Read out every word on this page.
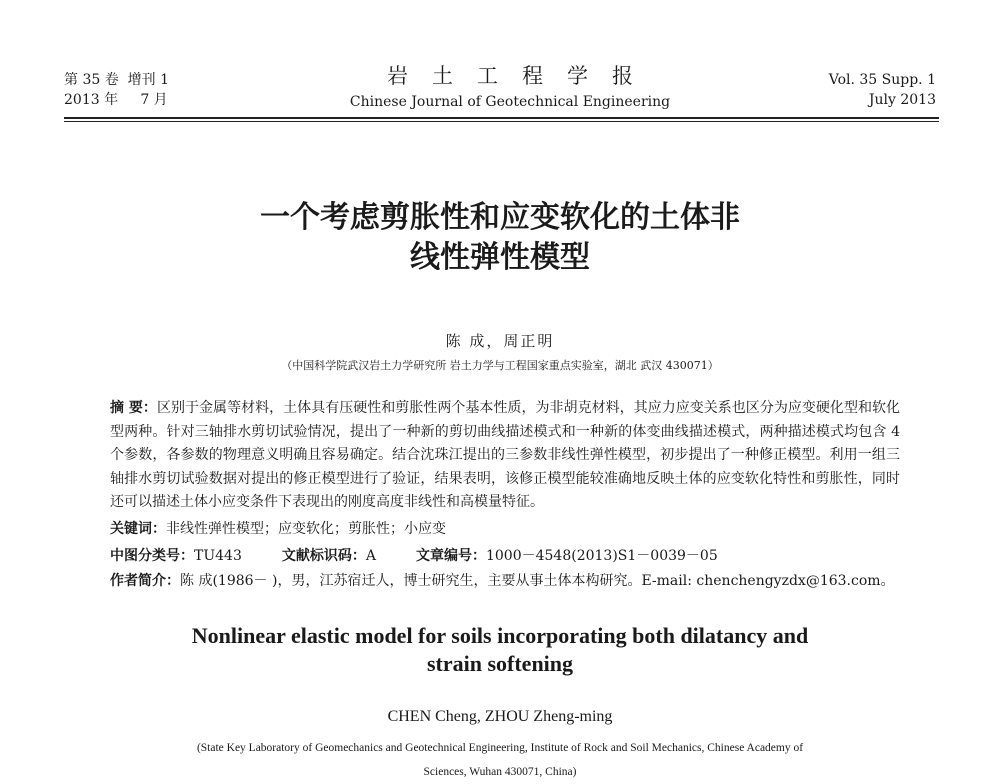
第 35 卷  增刊 1
2013 年     7 月
岩土工程学报
Chinese Journal of Geotechnical Engineering
Vol. 35 Supp. 1
July 2013
一个考虑剪胀性和应变软化的土体非
线性弹性模型
陈 成，周正明
（中国科学院武汉岩土力学研究所 岩土力学与工程国家重点实验室，湖北 武汉 430071）
摘 要：区别于金属等材料，土体具有压硬性和剪胀性两个基本性质，为非胡克材料，其应力应变关系也区分为应变硬化型和软化型两种。针对三轴排水剪切试验情况，提出了一种新的剪切曲线描述模式和一种新的体变曲线描述模式，两种描述模式均包含 4 个参数，各参数的物理意义明确且容易确定。结合沈珠江提出的三参数非线性弹性模型，初步提出了一种修正模型。利用一组三轴排水剪切试验数据对提出的修正模型进行了验证，结果表明，该修正模型能较准确地反映土体的应变软化特性和剪胀性，同时还可以描述土体小应变条件下表现出的刚度高度非线性和高模量特征。
关键词：非线性弹性模型；应变软化；剪胀性；小应变
中图分类号：TU443	文献标识码：A	文章编号：1000－4548(2013)S1－0039－05
作者简介：陈 成(1986－ )，男，江苏宿迁人，博士研究生，主要从事土体本构研究。E-mail: chenchengyzdx@163.com。
Nonlinear elastic model for soils incorporating both dilatancy and
strain softening
CHEN Cheng, ZHOU Zheng-ming
(State Key Laboratory of Geomechanics and Geotechnical Engineering, Institute of Rock and Soil Mechanics, Chinese Academy of
Sciences, Wuhan 430071, China)
